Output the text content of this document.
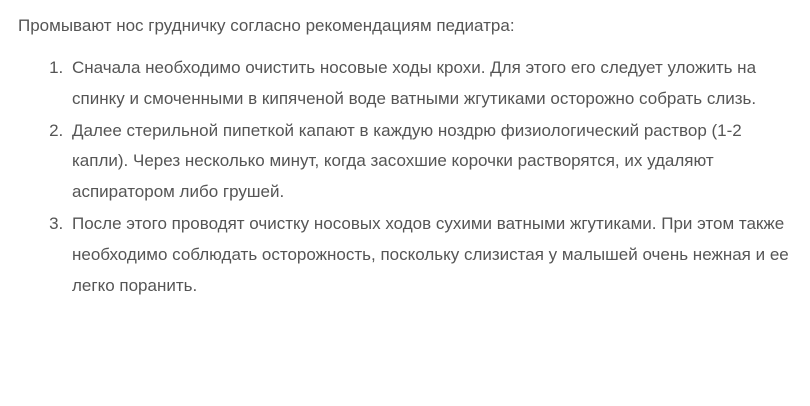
Промывают нос грудничку согласно рекомендациям педиатра:

1. Сначала необходимо очистить носовые ходы крохи. Для этого его следует уложить на спинку и смоченными в кипяченой воде ватными жгутиками осторожно собрать слизь.
2. Далее стерильной пипеткой капают в каждую ноздрю физиологический раствор (1-2 капли). Через несколько минут, когда засохшие корочки растворятся, их удаляют аспиратором либо грушей.
3. После этого проводят очистку носовых ходов сухими ватными жгутиками. При этом также необходимо соблюдать осторожность, поскольку слизистая у малышей очень нежная и ее легко поранить.
